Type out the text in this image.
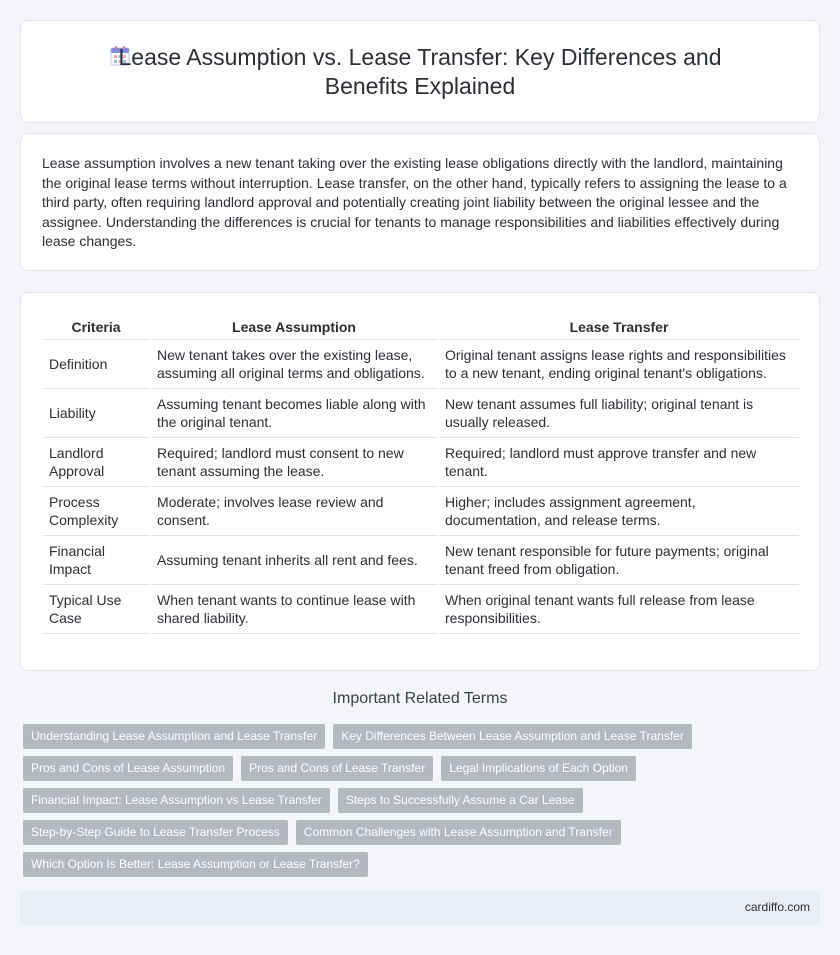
Lease Assumption vs. Lease Transfer: Key Differences and Benefits Explained

Lease assumption involves a new tenant taking over the existing lease obligations directly with the landlord, maintaining the original lease terms without interruption. Lease transfer, on the other hand, typically refers to assigning the lease to a third party, often requiring landlord approval and potentially creating joint liability between the original lessee and the assignee. Understanding the differences is crucial for tenants to manage responsibilities and liabilities effectively during lease changes.

Criteria	Lease Assumption	Lease Transfer
Definition	New tenant takes over the existing lease, assuming all original terms and obligations.	Original tenant assigns lease rights and responsibilities to a new tenant, ending original tenant's obligations.
Liability	Assuming tenant becomes liable along with the original tenant.	New tenant assumes full liability; original tenant is usually released.
Landlord Approval	Required; landlord must consent to new tenant assuming the lease.	Required; landlord must approve transfer and new tenant.
Process Complexity	Moderate; involves lease review and consent.	Higher; includes assignment agreement, documentation, and release terms.
Financial Impact	Assuming tenant inherits all rent and fees.	New tenant responsible for future payments; original tenant freed from obligation.
Typical Use Case	When tenant wants to continue lease with shared liability.	When original tenant wants full release from lease responsibilities.
Important Related Terms
Understanding Lease Assumption and Lease Transfer	Key Differences Between Lease Assumption and Lease Transfer
Pros and Cons of Lease Assumption	Pros and Cons of Lease Transfer	Legal Implications of Each Option
Financial Impact: Lease Assumption vs Lease Transfer	Steps to Successfully Assume a Car Lease
Step-by-Step Guide to Lease Transfer Process	Common Challenges with Lease Assumption and Transfer
Which Option Is Better: Lease Assumption or Lease Transfer?
cardiffo.com
